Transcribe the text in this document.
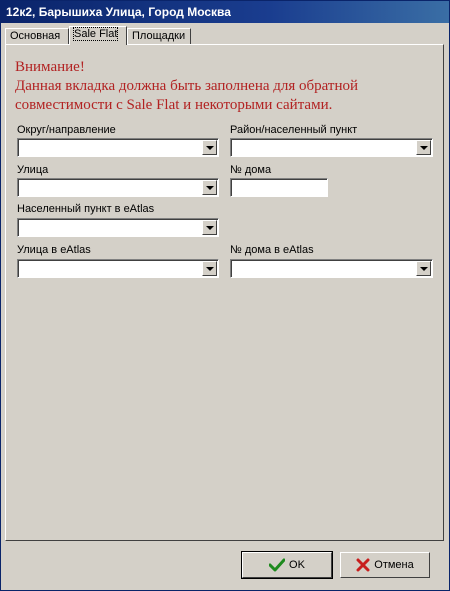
12к2, Барышиха Улица, Город Москва
Основная	Sale Flat	Площадки
Внимание!
Данная вкладка должна быть заполнена для обратной
совместимости с Sale Flat и некоторыми сайтами.
Округ/направление	Район/населенный пункт
Улица	№ дома
Населенный пункт в eAtlas
Улица в eAtlas	№ дома в eAtlas
OK	Отмена
